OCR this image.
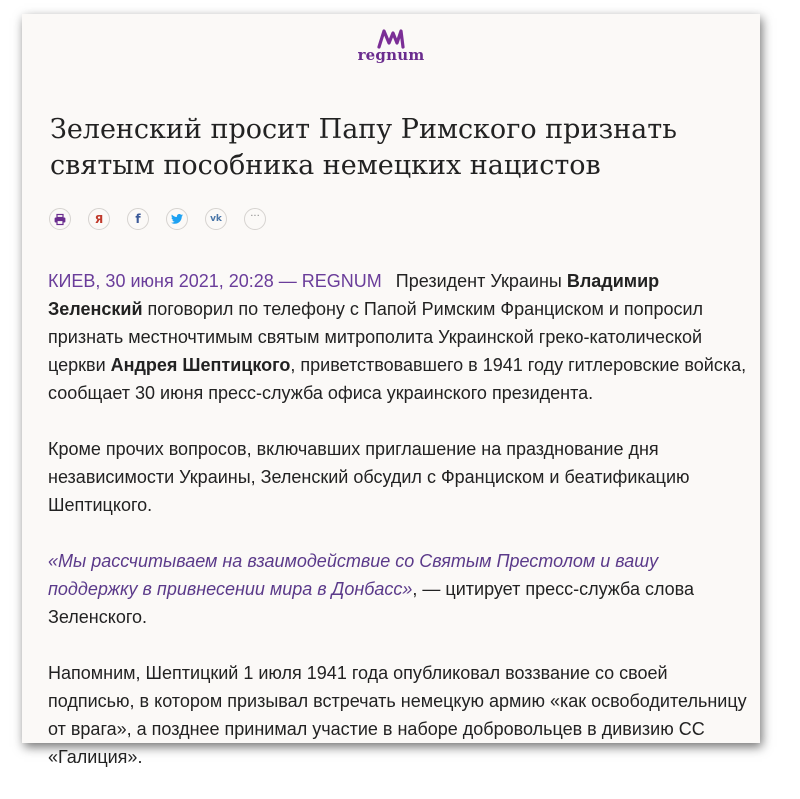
regnum
Зеленский просит Папу Римского признать святым пособника немецких нацистов
Я	f	vk	···

КИЕВ, 30 июня 2021, 20:28 — REGNUM Президент Украины Владимир Зеленский поговорил по телефону с Папой Римским Франциском и попросил признать местночтимым святым митрополита Украинской греко-католической церкви Андрея Шептицкого, приветствовавшего в 1941 году гитлеровские войска, сообщает 30 июня пресс-служба офиса украинского президента.

Кроме прочих вопросов, включавших приглашение на празднование дня независимости Украины, Зеленский обсудил с Франциском и беатификацию Шептицкого.

«Мы рассчитываем на взаимодействие со Святым Престолом и вашу поддержку в привнесении мира в Донбасс», — цитирует пресс-служба слова Зеленского.

Напомним, Шептицкий 1 июля 1941 года опубликовал воззвание со своей подписью, в котором призывал встречать немецкую армию «как освободительницу от врага», а позднее принимал участие в наборе добровольцев в дивизию СС «Галиция».
